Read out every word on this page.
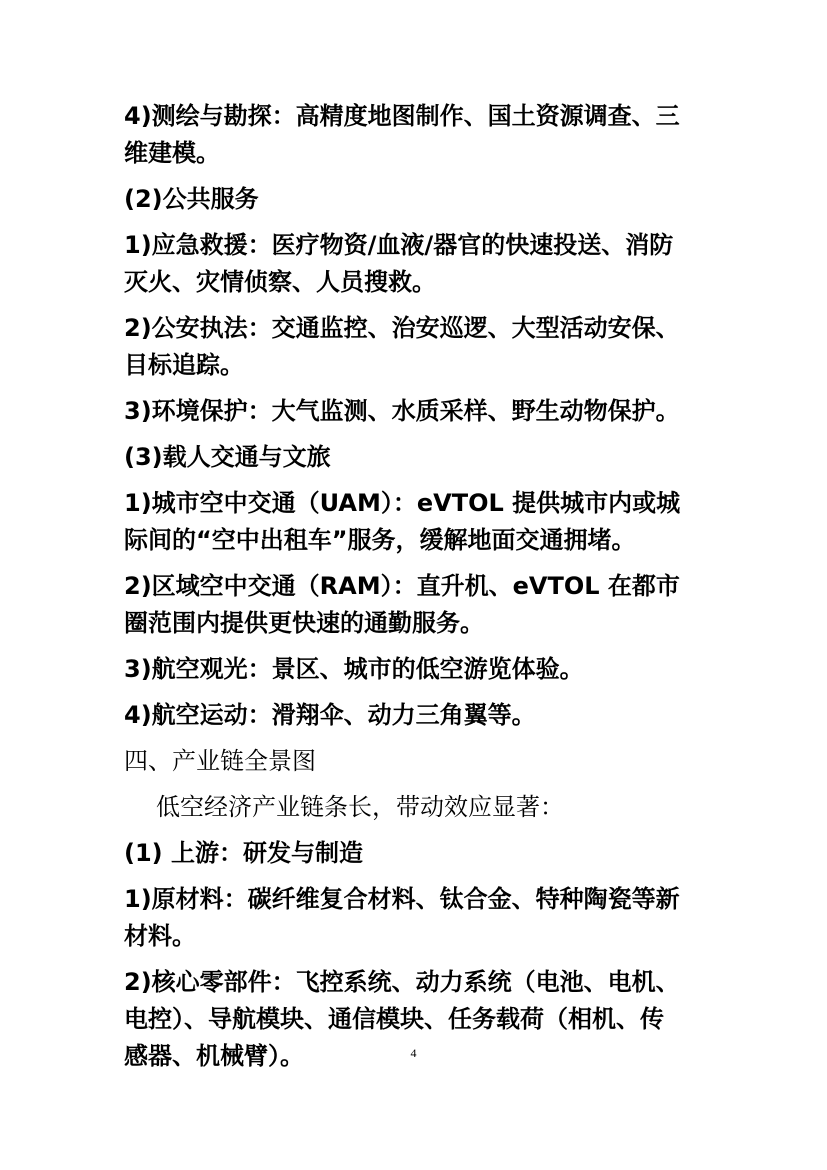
4)测绘与勘探：高精度地图制作、国土资源调查、三
维建模。

(2)公共服务

1)应急救援：医疗物资/血液/器官的快速投送、消防
灭火、灾情侦察、人员搜救。

2)公安执法：交通监控、治安巡逻、大型活动安保、
目标追踪。

3)环境保护：大气监测、水质采样、野生动物保护。

(3)载人交通与文旅

1)城市空中交通（UAM）：eVTOL 提供城市内或城
际间的“空中出租车”服务，缓解地面交通拥堵。

2)区域空中交通（RAM）：直升机、eVTOL 在都市
圈范围内提供更快速的通勤服务。

3)航空观光：景区、城市的低空游览体验。

4)航空运动：滑翔伞、动力三角翼等。

四、产业链全景图

低空经济产业链条长，带动效应显著：

(1) 上游：研发与制造

1)原材料：碳纤维复合材料、钛合金、特种陶瓷等新
材料。

2)核心零部件：飞控系统、动力系统（电池、电机、
电控）、导航模块、通信模块、任务载荷（相机、传
感器、机械臂）。	4
